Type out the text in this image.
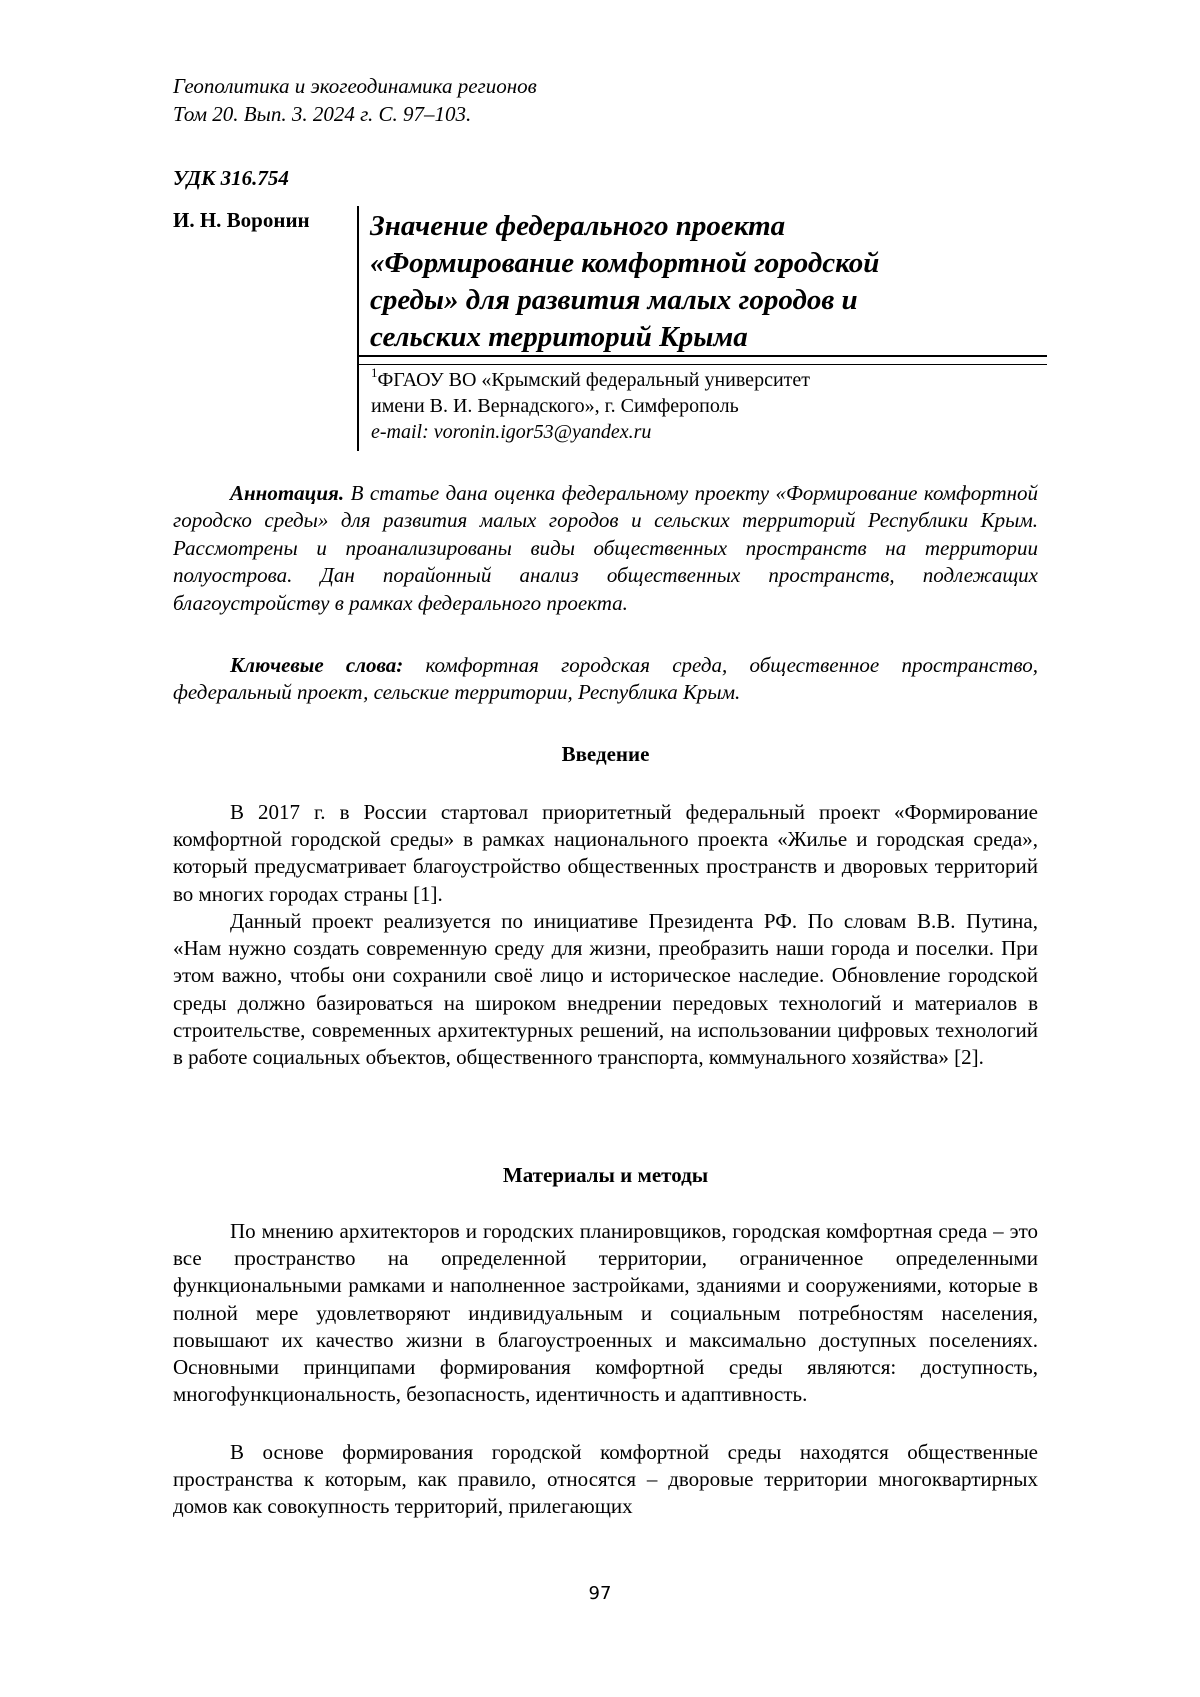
Геополитика и экогеодинамика регионов
Том 20. Вып. 3. 2024 г. С. 97–103.
УДК 316.754
И. Н. Воронин Значение федерального проекта
«Формирование комфортной городской
среды» для развития малых городов и
сельских территорий Крыма
$^1$ФГАОУ ВО «Крымский федеральный университет
имени В. И. Вернадского», г. Симферополь
e-mail: voronin.igor53@yandex.ru

Аннотация. В статье дана оценка федеральному проекту «Формирование комфортной городско среды» для развития малых городов и сельских территорий Республики Крым. Рассмотрены и проанализированы виды общественных пространств на территории полуострова. Дан порайонный анализ общественных пространств, подлежащих благоустройству в рамках федерального проекта.

Ключевые слова: комфортная городская среда, общественное пространство, федеральный проект, сельские территории, Республика Крым.

Введение

В 2017 г. в России стартовал приоритетный федеральный проект «Формирование комфортной городской среды» в рамках национального проекта «Жилье и городская среда», который предусматривает благоустройство общественных пространств и дворовых территорий во многих городах страны [1].

Данный проект реализуется по инициативе Президента РФ. По словам В.В. Путина, «Нам нужно создать современную среду для жизни, преобразить наши города и поселки. При этом важно, чтобы они сохранили своё лицо и историческое наследие. Обновление городской среды должно базироваться на широком внедрении передовых технологий и материалов в строительстве, современных архитектурных решений, на использовании цифровых технологий в работе социальных объектов, общественного транспорта, коммунального хозяйства» [2].

Материалы и методы

По мнению архитекторов и городских планировщиков, городская комфортная среда – это все пространство на определенной территории, ограниченное определенными функциональными рамками и наполненное застройками, зданиями и сооружениями, которые в полной мере удовлетворяют индивидуальным и социальным потребностям населения, повышают их качество жизни в благоустроенных и максимально доступных поселениях. Основными принципами формирования комфортной среды являются: доступность, многофункциональность, безопасность, идентичность и адаптивность.

В основе формирования городской комфортной среды находятся общественные пространства к которым, как правило, относятся – дворовые территории многоквартирных домов как совокупность территорий, прилегающих

97
